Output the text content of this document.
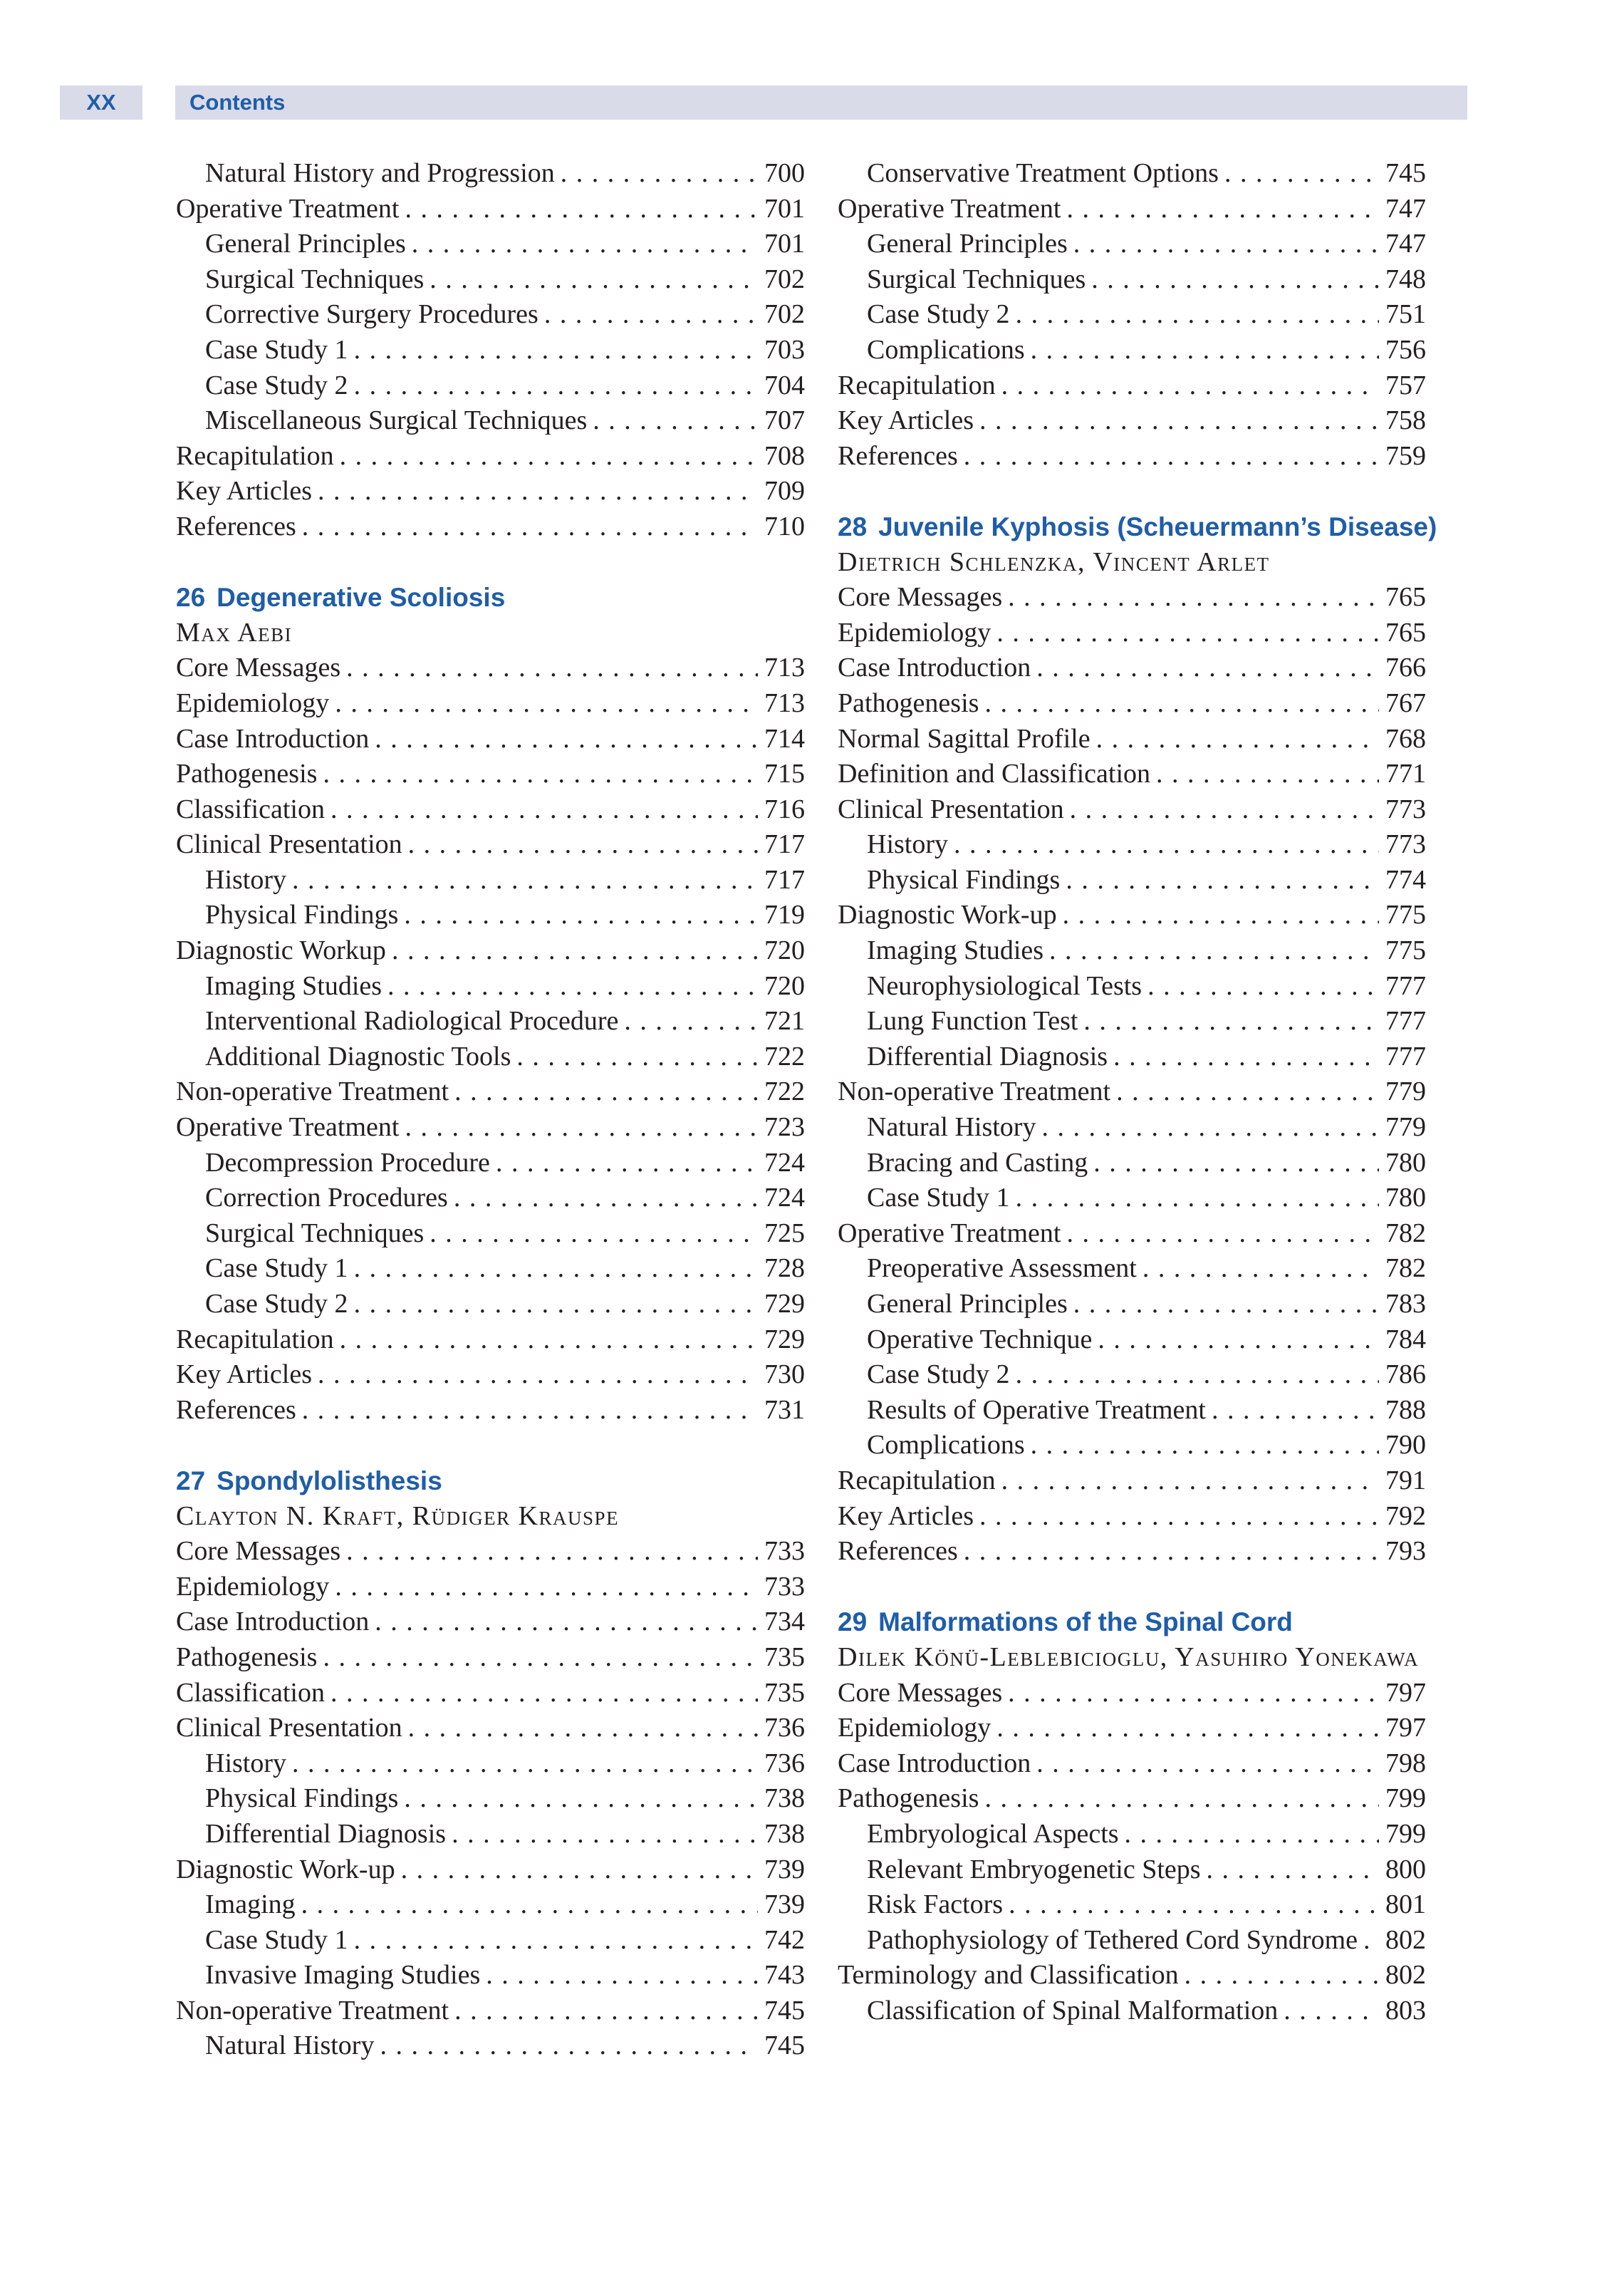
XX	Contents
Natural History and Progression . . .	700
Operative Treatment . . .	701
General Principles . . .	701
Surgical Techniques . . .	702
Corrective Surgery Procedures . . .	702
Case Study 1 . . .	703
Case Study 2 . . .	704
Miscellaneous Surgical Techniques . . .	707
Recapitulation . . .	708
Key Articles . . .	709
References . . .	710
26 Degenerative Scoliosis
Max Aebi
Core Messages . . .	713
Epidemiology . . .	713
Case Introduction . . .	714
Pathogenesis . . .	715
Classification . . .	716
Clinical Presentation . . .	717
History . . .	717
Physical Findings . . .	719
Diagnostic Workup . . .	720
Imaging Studies . . .	720
Interventional Radiological Procedure . . .	721
Additional Diagnostic Tools . . .	722
Non-operative Treatment . . .	722
Operative Treatment . . .	723
Decompression Procedure . . .	724
Correction Procedures . . .	724
Surgical Techniques . . .	725
Case Study 1 . . .	728
Case Study 2 . . .	729
Recapitulation . . .	729
Key Articles . . .	730
References . . .	731
27 Spondylolisthesis
Clayton N. Kraft, Rüdiger Krauspe
Core Messages . . .	733
Epidemiology . . .	733
Case Introduction . . .	734
Pathogenesis . . .	735
Classification . . .	735
Clinical Presentation . . .	736
History . . .	736
Physical Findings . . .	738
Differential Diagnosis . . .	738
Diagnostic Work-up . . .	739
Imaging . . .	739
Case Study 1 . . .	742
Invasive Imaging Studies . . .	743
Non-operative Treatment . . .	745
Natural History . . .	745
Conservative Treatment Options . . .	745
Operative Treatment . . .	747
General Principles . . .	747
Surgical Techniques . . .	748
Case Study 2 . . .	751
Complications . . .	756
Recapitulation . . .	757
Key Articles . . .	758
References . . .	759
28 Juvenile Kyphosis (Scheuermann’s Disease)
Dietrich Schlenzka, Vincent Arlet
Core Messages . . .	765
Epidemiology . . .	765
Case Introduction . . .	766
Pathogenesis . . .	767
Normal Sagittal Profile . . .	768
Definition and Classification . . .	771
Clinical Presentation . . .	773
History . . .	773
Physical Findings . . .	774
Diagnostic Work-up . . .	775
Imaging Studies . . .	775
Neurophysiological Tests . . .	777
Lung Function Test . . .	777
Differential Diagnosis . . .	777
Non-operative Treatment . . .	779
Natural History . . .	779
Bracing and Casting . . .	780
Case Study 1 . . .	780
Operative Treatment . . .	782
Preoperative Assessment . . .	782
General Principles . . .	783
Operative Technique . . .	784
Case Study 2 . . .	786
Results of Operative Treatment . . .	788
Complications . . .	790
Recapitulation . . .	791
Key Articles . . .	792
References . . .	793
29 Malformations of the Spinal Cord
Dilek Könü-Leblebicioglu, Yasuhiro Yonekawa
Core Messages . . .	797
Epidemiology . . .	797
Case Introduction . . .	798
Pathogenesis . . .	799
Embryological Aspects . . .	799
Relevant Embryogenetic Steps . . .	800
Risk Factors . . .	801
Pathophysiology of Tethered Cord Syndrome . . . 802
Terminology and Classification . . .	802
Classification of Spinal Malformation . . .	803
